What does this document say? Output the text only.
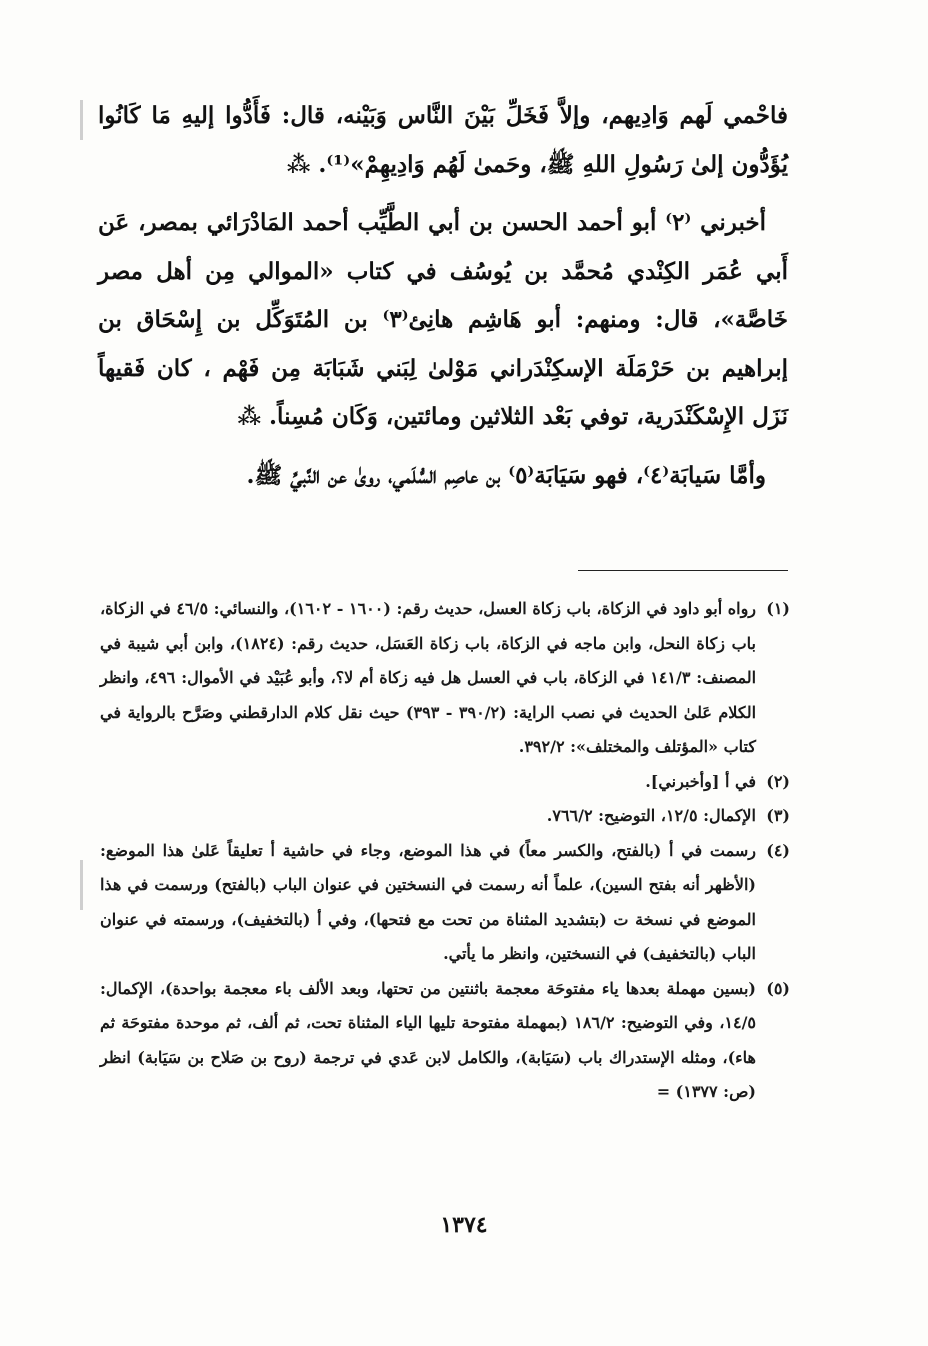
فاحْمي لَهم وَادِيهم، وإلاَّ فَخَلِّ بَيْنَ النَّاس وَبَيْنه، قال: فَأَدُّوا إليهِ مَا كَانُوا يُؤَدُّون إلىٰ رَسُولِ اللهِ ﷺ، وحَمىٰ لَهُم وَادِيهِمْ»⁽¹⁾. ⁂

أخبرني ⁽٢⁾ أبو أحمد الحسن بن أبي الطَّيِّب أحمد المَادْرَائي بمصر، عَن أَبي عُمَر الكِنْدي مُحمَّد بن يُوسُف في كتاب «الموالي مِن أهل مصر خَاصَّة»، قال: ومنهم: أبو هَاشِم هانِئ⁽٣⁾ بن المُتَوَكِّل بن إِسْحَاق بن إبراهيم بن حَرْمَلَة الإسكِنْدَراني مَوْلىٰ لِبَني شَبَابَة مِن فَهْم ، كان فَقيهاً نَزَل الإِسْكَنْدَرية، توفي بَعْد الثلاثين ومائتين، وَكَان مُسِناً. ⁂

وأمَّا سَيابَة⁽٤⁾، فهو سَيَابَة⁽٥⁾ بن عاصِم السُّلَمي، روىٰ عن النَّبيِّ ﷺ.

(١)
رواه أبو داود في الزكاة، باب زكاة العسل، حديث رقم: (١٦٠٠ - ١٦٠٢)، والنسائي: ٤٦/٥ في الزكاة، باب زكاة النحل، وابن ماجه في الزكاة، باب زكاة العَسَل، حديث رقم: (١٨٢٤)، وابن أبي شيبة في المصنف: ١٤١/٣ في الزكاة، باب في العسل هل فيه زكاة أم لا؟، وأبو عُبَيْد في الأموال: ٤٩٦، وانظر الكلام عَلىٰ الحديث في نصب الراية: (٣٩٠/٢ - ٣٩٣) حيث نقل كلام الدارقطني وصَرَّح بالرواية في كتاب «المؤتلف والمختلف»: ٣٩٢/٢.
(٢)
في أ [وأخبرني].
(٣)
الإكمال: ١٢/٥، التوضيح: ٧٦٦/٢.
(٤)
رسمت في أ (بالفتح، والكسر معاً) في هذا الموضع، وجاء في حاشية أ تعليقاً عَلىٰ هذا الموضع: (الأظهر أنه بفتح السين)، علماً أنه رسمت في النسختين في عنوان الباب (بالفتح) ورسمت في هذا الموضع في نسخة ت (بتشديد المثناة من تحت مع فتحها)، وفي أ (بالتخفيف)، ورسمته في عنوان الباب (بالتخفيف) في النسختين، وانظر ما يأتي.
(٥)
(بسين مهملة بعدها ياء مفتوحَة معجمة باثنتين من تحتها، وبعد الألف باء معجمة بواحدة)، الإكمال: ١٤/٥، وفي التوضيح: ١٨٦/٢ (بمهملة مفتوحة تليها الياء المثناة تحت، ثم ألف، ثم موحدة مفتوحَة ثم هاء)، ومثله الإستدراك باب (سَيَابة)، والكامل لابن عَدي في ترجمة (روح بن صَلاح بن سَيَابة) انظر (ص: ١٣٧٧) =
١٣٧٤
